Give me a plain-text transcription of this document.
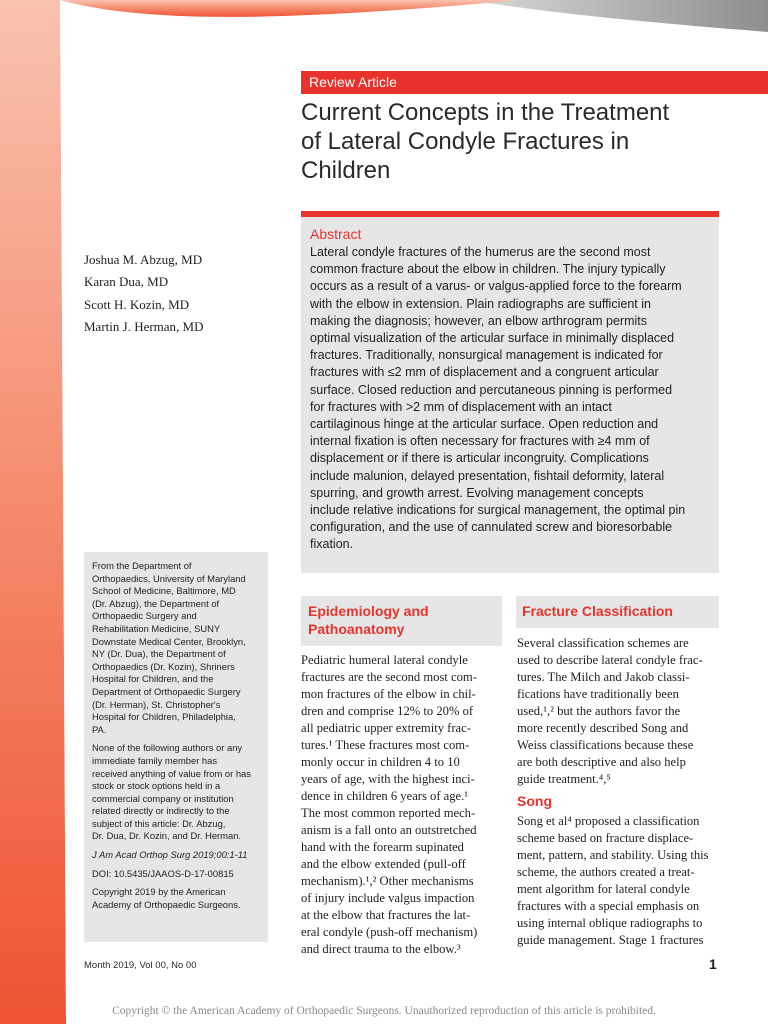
Review Article
Current Concepts in the Treatment
of Lateral Condyle Fractures in
Children
Joshua M. Abzug, MD
Karan Dua, MD
Scott H. Kozin, MD
Martin J. Herman, MD
Abstract
Lateral condyle fractures of the humerus are the second most
common fracture about the elbow in children. The injury typically
occurs as a result of a varus- or valgus-applied force to the forearm
with the elbow in extension. Plain radiographs are sufficient in
making the diagnosis; however, an elbow arthrogram permits
optimal visualization of the articular surface in minimally displaced
fractures. Traditionally, nonsurgical management is indicated for
fractures with ≤2 mm of displacement and a congruent articular
surface. Closed reduction and percutaneous pinning is performed
for fractures with >2 mm of displacement with an intact
cartilaginous hinge at the articular surface. Open reduction and
internal fixation is often necessary for fractures with ≥4 mm of
displacement or if there is articular incongruity. Complications
include malunion, delayed presentation, fishtail deformity, lateral
spurring, and growth arrest. Evolving management concepts
include relative indications for surgical management, the optimal pin
configuration, and the use of cannulated screw and bioresorbable
fixation.
From the Department of
Orthopaedics, University of Maryland
School of Medicine, Baltimore, MD
(Dr. Abzug), the Department of
Orthopaedic Surgery and
Rehabilitation Medicine, SUNY
Downstate Medical Center, Brooklyn,
NY (Dr. Dua), the Department of
Orthopaedics (Dr. Kozin), Shriners
Hospital for Children, and the
Department of Orthopaedic Surgery
(Dr. Herman), St. Christopher's
Hospital for Children, Philadelphia,
PA.
None of the following authors or any
immediate family member has
received anything of value from or has
stock or stock options held in a
commercial company or institution
related directly or indirectly to the
subject of this article: Dr. Abzug,
Dr. Dua, Dr. Kozin, and Dr. Herman.
J Am Acad Orthop Surg 2019;00:1-11
DOI: 10.5435/JAAOS-D-17-00815
Copyright 2019 by the American
Academy of Orthopaedic Surgeons.
Epidemiology and
Pathoanatomy
Pediatric humeral lateral condyle
fractures are the second most com-
mon fractures of the elbow in chil-
dren and comprise 12% to 20% of
all pediatric upper extremity frac-
tures.¹ These fractures most com-
monly occur in children 4 to 10
years of age, with the highest inci-
dence in children 6 years of age.¹
The most common reported mech-
anism is a fall onto an outstretched
hand with the forearm supinated
and the elbow extended (pull-off
mechanism).¹,² Other mechanisms
of injury include valgus impaction
at the elbow that fractures the lat-
eral condyle (push-off mechanism)
and direct trauma to the elbow.³
Fracture Classification
Several classification schemes are
used to describe lateral condyle frac-
tures. The Milch and Jakob classi-
fications have traditionally been
used,¹,² but the authors favor the
more recently described Song and
Weiss classifications because these
are both descriptive and also help
guide treatment.⁴,⁵
Song
Song et al⁴ proposed a classification
scheme based on fracture displace-
ment, pattern, and stability. Using this
scheme, the authors created a treat-
ment algorithm for lateral condyle
fractures with a special emphasis on
using internal oblique radiographs to
guide management. Stage 1 fractures
Month 2019, Vol 00, No 00	1
Copyright © the American Academy of Orthopaedic Surgeons. Unauthorized reproduction of this article is prohibited.
